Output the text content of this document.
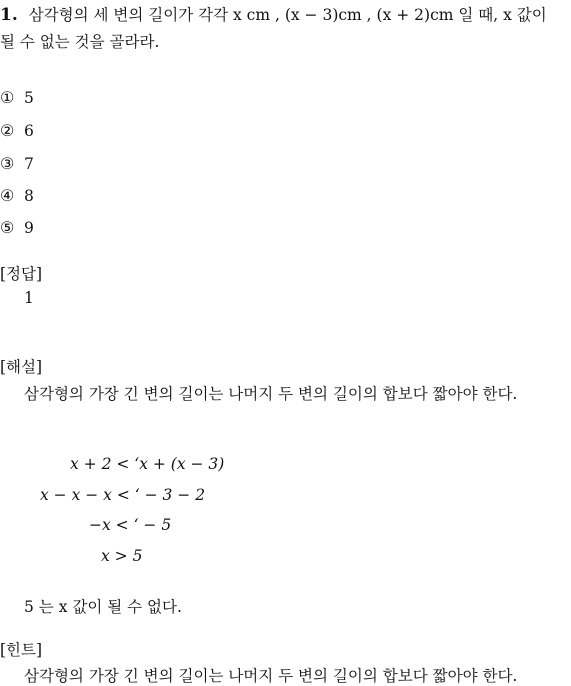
1. 삼각형의 세 변의 길이가 각각 x cm , (x − 3)cm , (x + 2)cm 일 때, x 값이
될 수 없는 것을 골라라.
① 5
② 6
③ 7
④ 8
⑤ 9
[정답]
1
[해설]
삼각형의 가장 긴 변의 길이는 나머지 두 변의 길이의 합보다 짧아야 한다.
x + 2 < ‘x + (x − 3)
x − x − x < ‘ − 3 − 2
−x < ‘ − 5
x > 5
5 는 x 값이 될 수 없다.
[힌트]
삼각형의 가장 긴 변의 길이는 나머지 두 변의 길이의 합보다 짧아야 한다.
